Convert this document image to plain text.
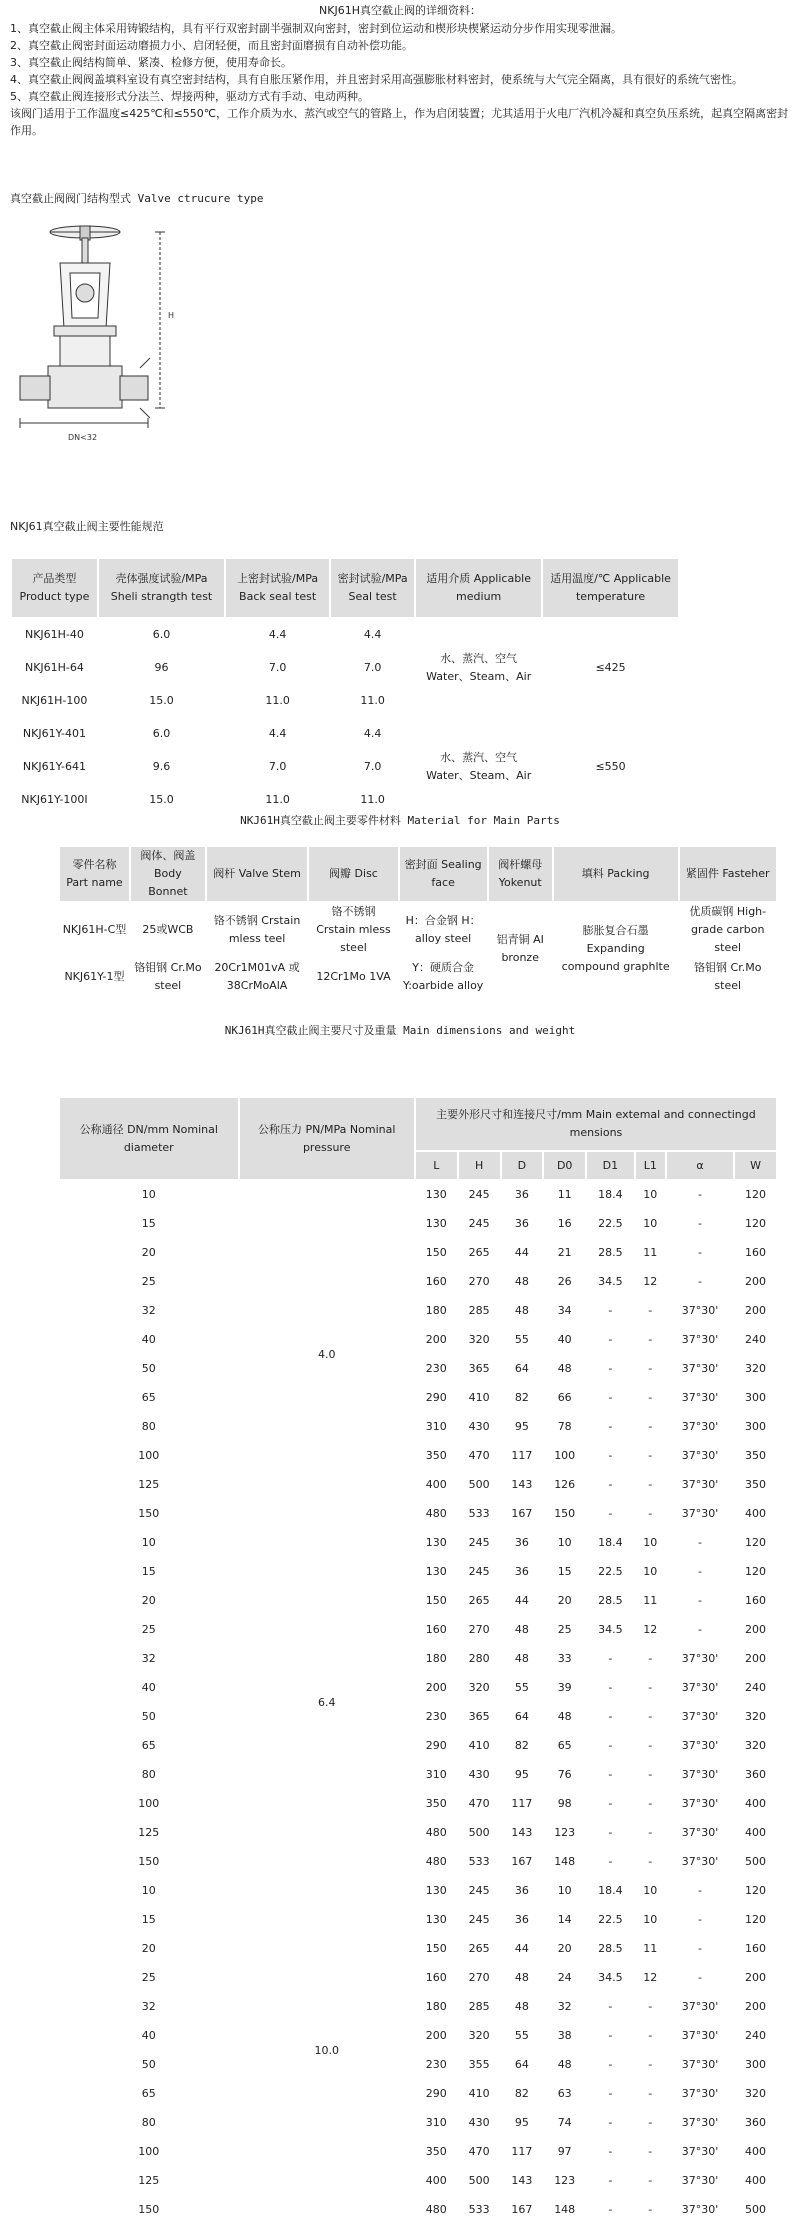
NKJ61H真空截止阀的详细资料：

1、真空截止阀主体采用铸锻结构，具有平行双密封副半强制双向密封，密封到位运动和楔形块楔紧运动分步作用实现零泄漏。

2、真空截止阀密封面运动磨损力小、启闭轻便，而且密封面磨损有自动补偿功能。

3、真空截止阀结构简单、紧凑、检修方便，使用寿命长。

4、真空截止阀阀盖填料室设有真空密封结构，具有自胀压紧作用，并且密封采用高强膨胀材料密封，使系统与大气完全隔离，具有很好的系统气密性。

5、真空截止阀连接形式分法兰、焊接两种，驱动方式有手动、电动两种。

该阀门适用于工作温度≤425℃和≤550℃，工作介质为水、蒸汽或空气的管路上，作为启闭装置；尤其适用于火电厂汽机冷凝和真空负压系统，起真空隔离密封作用。

真空截止阀阀门结构型式 Valve ctrucure type
H
DN<32
NKJ61真空截止阀主要性能规范
产品类型 Product type	壳体强度试验/MPa Sheli strangth test	上密封试验/MPa Back seal test	密封试验/MPa Seal test	适用介质 Applicable medium	适用温度/℃ Applicable temperature
NKJ61H-40	6.0	4.4	4.4	水、蒸汽、空气 Water、Steam、Air	≤425
NKJ61H-64	96	7.0	7.0		
NKJ61H-100	15.0	11.0	11.0		
NKJ61Y-401	6.0	4.4	4.4	水、蒸汽、空气 Water、Steam、Air	≤550
NKJ61Y-641	9.6	7.0	7.0		
NKJ61Y-100I	15.0	11.0	11.0		
NKJ61H真空截止阀主要零件材料 Material for Main Parts
零件名称 Part name	阀体、阀盖 Body Bonnet	阀杆 Valve Stem	阀瓣 Disc	密封面 Sealing face	阀杆螺母 Yokenut	填料 Packing	紧固件 Fasteher
NKJ61H-C型	25或WCB	铬不锈钢 Crstain mless teel	铬不锈钢 Crstain mless steel	H：合金钢 H：alloy steel	铝青铜 AI bronze	膨胀复合石墨 Expanding compound graphlte	优质碳钢 High-grade carbon steel
NKJ61Y-1型	铬钼钢 Cr.Mo steel	20Cr1M01vA 或38CrMoAlA	12Cr1Mo 1VA	Y：硬质合金 Y:oarbide alloy			铬钼钢 Cr.Mo steel
NKJ61H真空截止阀主要尺寸及重量 Main dimensions and weight
公称通径 DN/mm Nominal diameter	公称压力 PN/MPa Nominal pressure	主要外形尺寸和连接尺寸/mm Main extemal and connectingd mensions							
		L	H	D	D0	D1	L1	α	W
10	4.0	130	245	36	11	18.4	10	-	120
15		130	245	36	16	22.5	10	-	120
20		150	265	44	21	28.5	11	-	160
25		160	270	48	26	34.5	12	-	200
32		180	285	48	34	-	-	37°30'	200
40		200	320	55	40	-	-	37°30'	240
50		230	365	64	48	-	-	37°30'	320
65		290	410	82	66	-	-	37°30'	300
80		310	430	95	78	-	-	37°30'	300
100		350	470	117	100	-	-	37°30'	350
125		400	500	143	126	-	-	37°30'	350
150		480	533	167	150	-	-	37°30'	400
10	6.4	130	245	36	10	18.4	10	-	120
15		130	245	36	15	22.5	10	-	120
20		150	265	44	20	28.5	11	-	160
25		160	270	48	25	34.5	12	-	200
32		180	280	48	33	-	-	37°30'	200
40		200	320	55	39	-	-	37°30'	240
50		230	365	64	48	-	-	37°30'	320
65		290	410	82	65	-	-	37°30'	320
80		310	430	95	76	-	-	37°30'	360
100		350	470	117	98	-	-	37°30'	400
125		480	500	143	123	-	-	37°30'	400
150		480	533	167	148	-	-	37°30'	500
10	10.0	130	245	36	10	18.4	10	-	120
15		130	245	36	14	22.5	10	-	120
20		150	265	44	20	28.5	11	-	160
25		160	270	48	24	34.5	12	-	200
32		180	285	48	32	-	-	37°30'	200
40		200	320	55	38	-	-	37°30'	240
50		230	355	64	48	-	-	37°30'	300
65		290	410	82	63	-	-	37°30'	320
80		310	430	95	74	-	-	37°30'	360
100		350	470	117	97	-	-	37°30'	400
125		400	500	143	123	-	-	37°30'	400
150		480	533	167	148	-	-	37°30'	500
